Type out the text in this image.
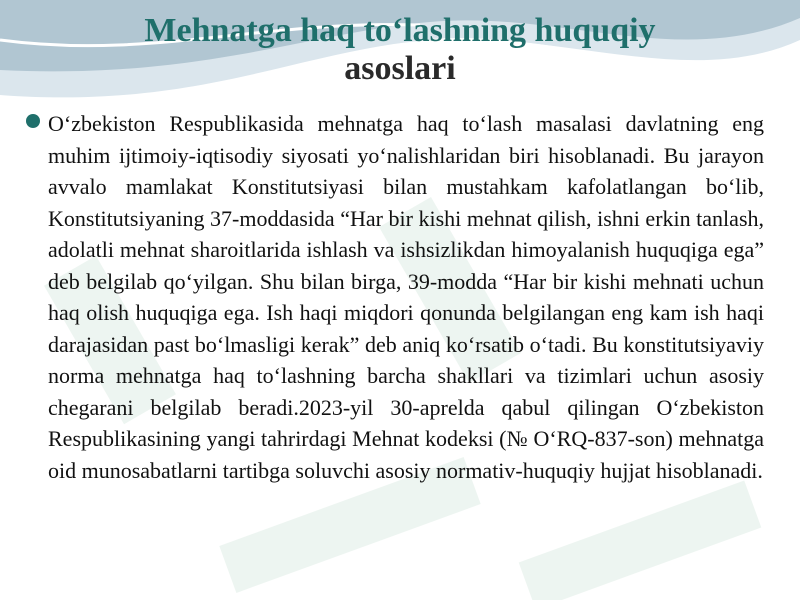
Mehnatga haq to‘lashning huquqiy
asoslari
O‘zbekiston Respublikasida mehnatga haq to‘lash masalasi davlatning eng muhim ijtimoiy-iqtisodiy siyosati yo‘nalishlaridan biri hisoblanadi. Bu jarayon avvalo mamlakat Konstitutsiyasi bilan mustahkam kafolatlangan bo‘lib, Konstitutsiyaning 37-moddasida “Har bir kishi mehnat qilish, ishni erkin tanlash, adolatli mehnat sharoitlarida ishlash va ishsizlikdan himoyalanish huquqiga ega” deb belgilab qo‘yilgan. Shu bilan birga, 39-modda “Har bir kishi mehnati uchun haq olish huquqiga ega. Ish haqi miqdori qonunda belgilangan eng kam ish haqi darajasidan past bo‘lmasligi kerak” deb aniq ko‘rsatib o‘tadi. Bu konstitutsiyaviy norma mehnatga haq to‘lashning barcha shakllari va tizimlari uchun asosiy chegarani belgilab beradi.2023-yil 30-aprelda qabul qilingan O‘zbekiston Respublikasining yangi tahrirdagi Mehnat kodeksi (№ O‘RQ-837-son) mehnatga oid munosabatlarni tartibga soluvchi asosiy normativ-huquqiy hujjat hisoblanadi.
